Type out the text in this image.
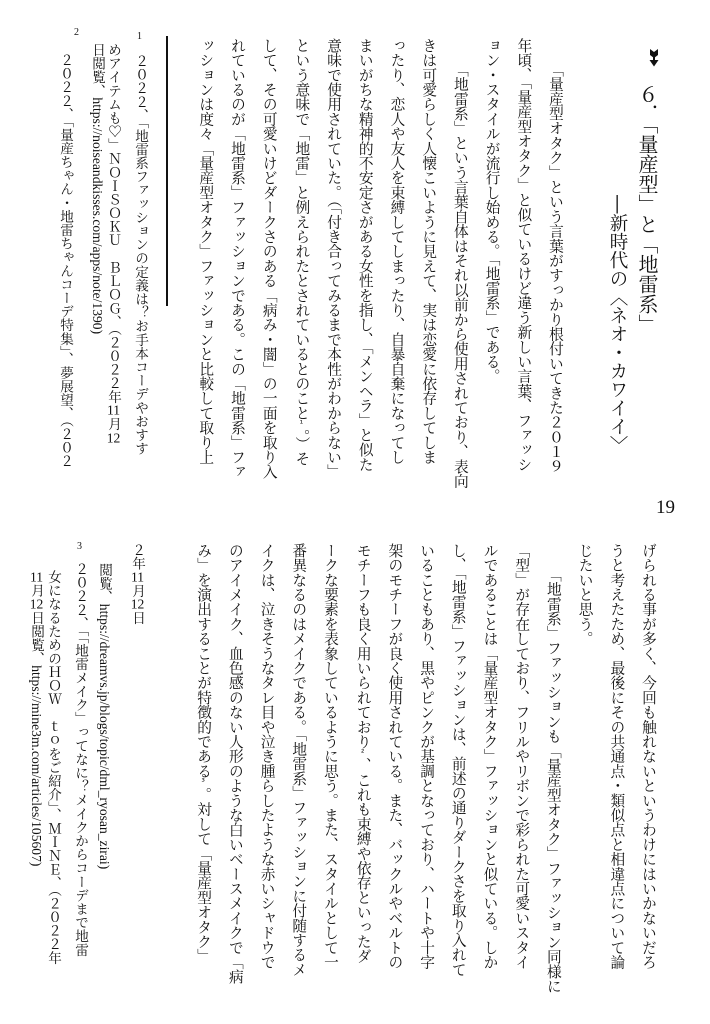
６．「量産型」と「地雷系」
―新時代の〈ネオ・カワイイ〉
19
「量産型オタク」という言葉がすっかり根付いてきた２０１９
年頃、「量産型オタク」と似ているけど違う新しい言葉、ファッシ
ョン・スタイルが流行し始める。「地雷系」である。
「地雷系」という言葉自体はそれ以前から使用されており、表向
きは可愛らしく人懐こいように見えて、実は恋愛に依存してしま
ったり、恋人や友人を束縛してしまったり、自暴自棄になってし
まいがちな精神的不安定さがある女性を指し、「メンヘラ」と似た
意味で使用されていた。（「付き合ってみるまで本性がわからない」
という意味で「地雷」と例えられたとされているとのこと¹。）そ
して、その可愛いけどダークさのある「病み・闇」の一面を取り入
れているのが「地雷系」ファッションである。この「地雷系」ファ
ッションは度々「量産型オタク」ファッションと比較して取り上
1
２０２２、「地雷系ファッションの定義は？お手本コーデやおすす
めアイテムも♡」ＮＯＩＳＯＫＵ　ＢＬＯＧ、（２０２２年11月12
日閲覧、https://noiseandkisses.com/apps/note/1390)
2
２０２２、「量産ちゃん・地雷ちゃんコーデ特集」、夢展望、（２０２
げられる事が多く、今回も触れないというわけにはいかないだろ
うと考えたため、最後にその共通点・類似点と相違点について論
じたいと思う。
「地雷系」ファッションも「量産型オタク」ファッション同様に
「型」が存在しており、フリルやリボンで彩られた可愛いスタイ
ルであることは「量産型オタク」ファッションと似ている。しか
し、「地雷系」ファッションは、前述の通りダークさを取り入れて
いることもあり、黒やピンクが基調となっており、ハートや十字
架のモチーフが良く使用されている。また、バックルやベルトの
モチーフも良く用いられており²、これも束縛や依存といったダ
ークな要素を表象しているように思う。また、スタイルとして一
番異なるのはメイクである。「地雷系」ファッションに付随するメ
イクは、泣きそうなタレ目や泣き腫らしたような赤いシャドウで
のアイメイク、血色感のない人形のような白いベースメイクで「病
み」を演出することが特徴的である³。対して「量産型オタク」
２年11月12日
閲覧、https://dreamvs.jp/blogs/topic/dml_ryosan_zirai)
3
２０２２、「「地雷メイク」ってなに？メイクからコーデまで地雷
女になるためのＨＯＷ　ｔｏをご紹介」、ＭＩＮＥ、（２０２２年
11月12日閲覧、https://mine3m.com/articles/105607)
